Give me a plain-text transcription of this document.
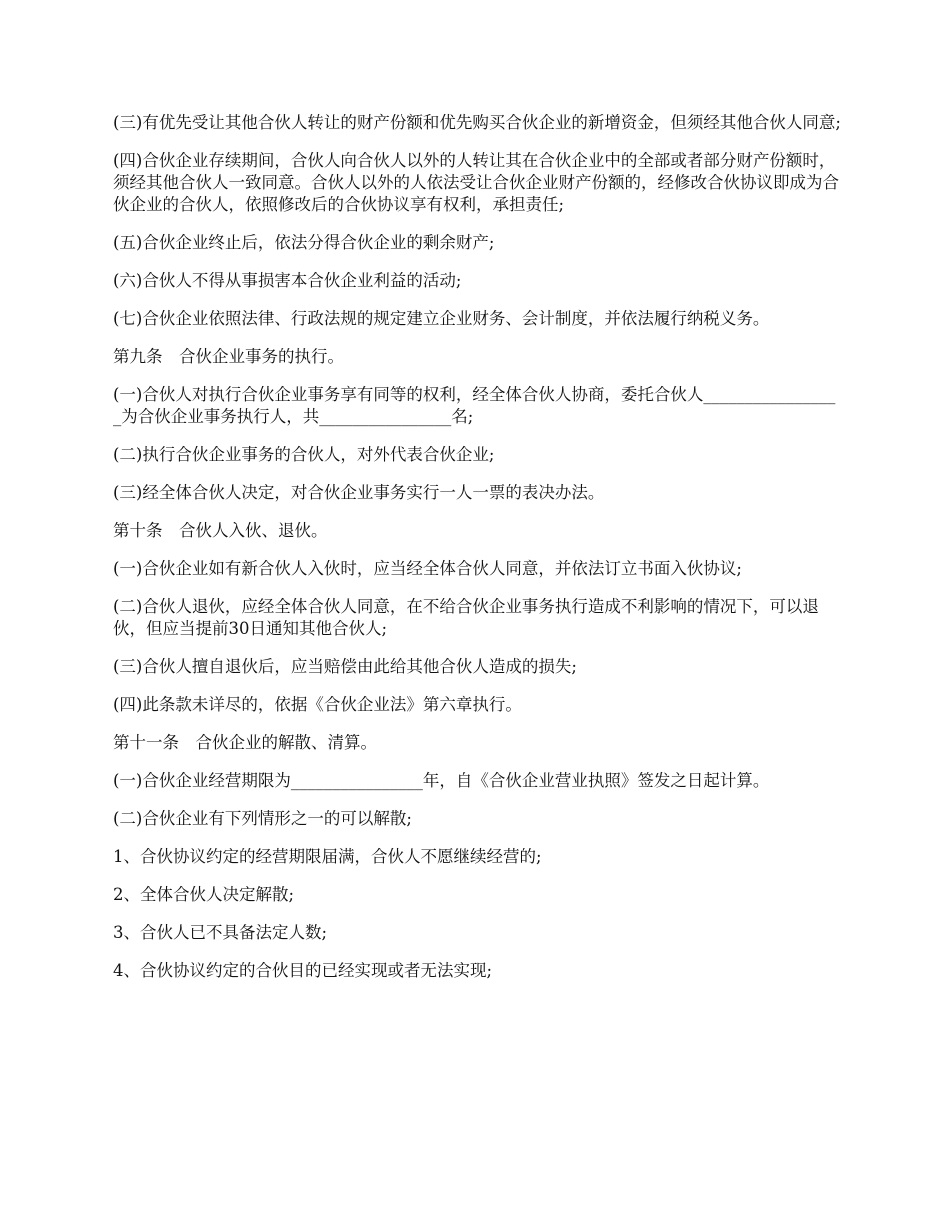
(三)有优先受让其他合伙人转让的财产份额和优先购买合伙企业的新增资金，但须经其他合伙人同意;

(四)合伙企业存续期间，合伙人向合伙人以外的人转让其在合伙企业中的全部或者部分财产份额时，须经其他合伙人一致同意。合伙人以外的人依法受让合伙企业财产份额的，经修改合伙协议即成为合伙企业的合伙人，依照修改后的合伙协议享有权利，承担责任;

(五)合伙企业终止后，依法分得合伙企业的剩余财产;

(六)合伙人不得从事损害本合伙企业利益的活动;

(七)合伙企业依照法律、行政法规的规定建立企业财务、会计制度，并依法履行纳税义务。

第九条　合伙企业事务的执行。

(一)合伙人对执行合伙企业事务享有同等的权利，经全体合伙人协商，委托合伙人_________________为合伙企业事务执行人，共________________名;

(二)执行合伙企业事务的合伙人，对外代表合伙企业;

(三)经全体合伙人决定，对合伙企业事务实行一人一票的表决办法。

第十条　合伙人入伙、退伙。

(一)合伙企业如有新合伙人入伙时，应当经全体合伙人同意，并依法订立书面入伙协议;

(二)合伙人退伙，应经全体合伙人同意，在不给合伙企业事务执行造成不利影响的情况下，可以退伙，但应当提前30日通知其他合伙人;

(三)合伙人擅自退伙后，应当赔偿由此给其他合伙人造成的损失;

(四)此条款未详尽的，依据《合伙企业法》第六章执行。

第十一条　合伙企业的解散、清算。

(一)合伙企业经营期限为________________年，自《合伙企业营业执照》签发之日起计算。

(二)合伙企业有下列情形之一的可以解散;

1、合伙协议约定的经营期限届满，合伙人不愿继续经营的;

2、全体合伙人决定解散;

3、合伙人已不具备法定人数;

4、合伙协议约定的合伙目的已经实现或者无法实现;
